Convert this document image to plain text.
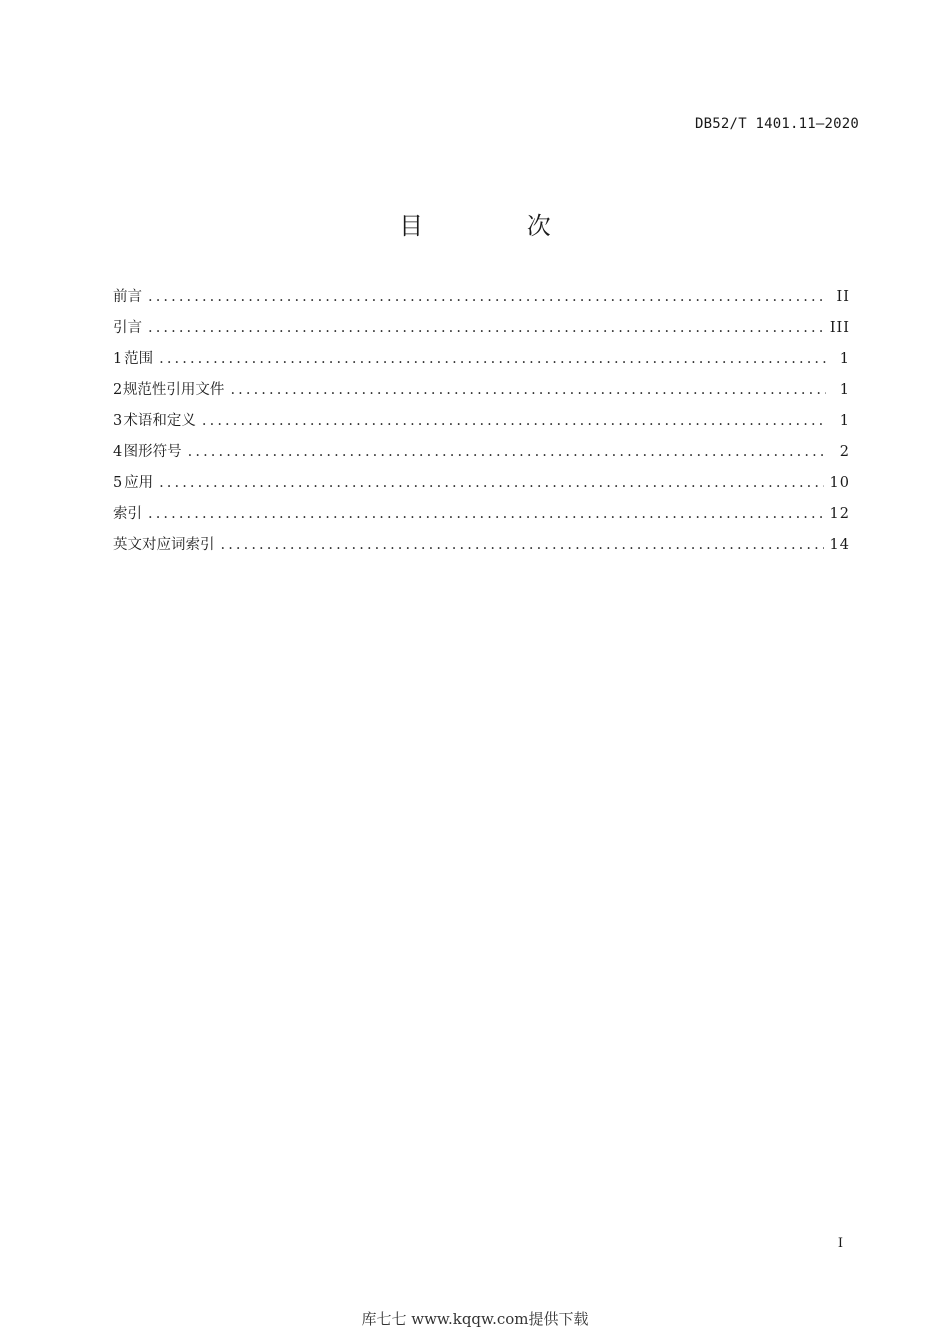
DB52/T 1401.11—2020
目 次
前言 .....	II
引言 .....	III
1 范围 .....	1
2 规范性引用文件 .....	1
3 术语和定义 .....	1
4 图形符号 .....	2
5 应用 .....	10
索引 .....	12
英文对应词索引 .....	14
I
库七七 www.kqqw.com提供下载
